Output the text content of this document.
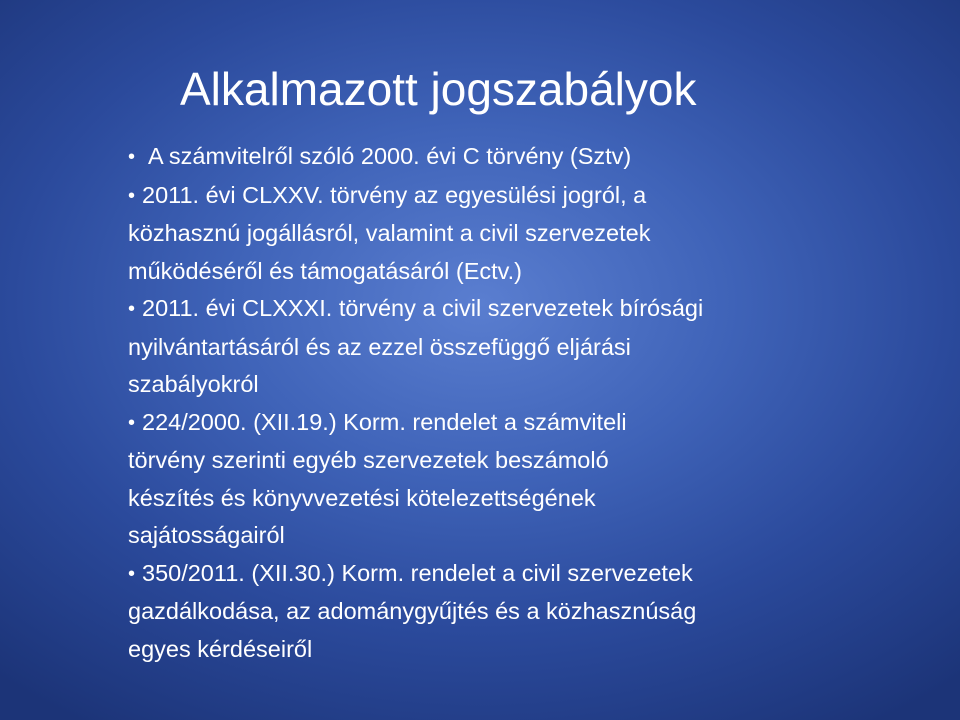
Alkalmazott jogszabályok
• A számvitelről szóló 2000. évi C törvény (Sztv)
• 2011. évi CLXXV. törvény az egyesülési jogról, a
közhasznú jogállásról, valamint a civil szervezetek
működéséről és támogatásáról (Ectv.)
• 2011. évi CLXXXI. törvény a civil szervezetek bírósági
nyilvántartásáról és az ezzel összefüggő eljárási
szabályokról
• 224/2000. (XII.19.) Korm. rendelet a számviteli
törvény szerinti egyéb szervezetek beszámoló
készítés és könyvvezetési kötelezettségének
sajátosságairól
• 350/2011. (XII.30.) Korm. rendelet a civil szervezetek
gazdálkodása, az adománygyűjtés és a közhasznúság
egyes kérdéseiről
